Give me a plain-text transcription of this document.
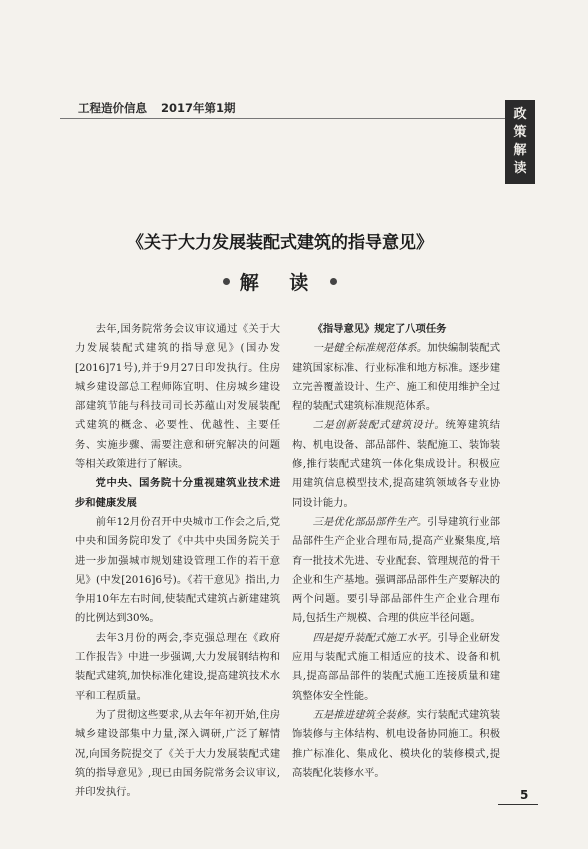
工程造价信息 2017年第1期	政
策
解
读
《关于大力发展装配式建筑的指导意见》
解 读

去年,国务院常务会议审议通过《关于大力发展装配式建筑的指导意见》(国办发[2016]71号),并于9月27日印发执行。住房城乡建设部总工程师陈宜明、住房城乡建设部建筑节能与科技司司长苏蕴山对发展装配式建筑的概念、必要性、优越性、主要任务、实施步骤、需要注意和研究解决的问题等相关政策进行了解读。

党中央、国务院十分重视建筑业技术进步和健康发展

前年12月份召开中央城市工作会之后,党中央和国务院印发了《中共中央国务院关于进一步加强城市规划建设管理工作的若干意见》(中发[2016]6号)。《若干意见》指出,力争用10年左右时间,使装配式建筑占新建建筑的比例达到30%。

去年3月份的两会,李克强总理在《政府工作报告》中进一步强调,大力发展钢结构和装配式建筑,加快标准化建设,提高建筑技术水平和工程质量。

为了贯彻这些要求,从去年年初开始,住房城乡建设部集中力量,深入调研,广泛了解情况,向国务院提交了《关于大力发展装配式建筑的指导意见》,现已由国务院常务会议审议,并印发执行。

《指导意见》规定了八项任务

一是健全标准规范体系。加快编制装配式建筑国家标准、行业标准和地方标准。逐步建立完善覆盖设计、生产、施工和使用维护全过程的装配式建筑标准规范体系。

二是创新装配式建筑设计。统筹建筑结构、机电设备、部品部件、装配施工、装饰装修,推行装配式建筑一体化集成设计。积极应用建筑信息模型技术,提高建筑领域各专业协同设计能力。

三是优化部品部件生产。引导建筑行业部品部件生产企业合理布局,提高产业聚集度,培育一批技术先进、专业配套、管理规范的骨干企业和生产基地。强调部品部件生产要解决的两个问题。要引导部品部件生产企业合理布局,包括生产规模、合理的供应半径问题。

四是提升装配式施工水平。引导企业研发应用与装配式施工相适应的技术、设备和机具,提高部品部件的装配式施工连接质量和建筑整体安全性能。

五是推进建筑全装修。实行装配式建筑装饰装修与主体结构、机电设备协同施工。积极推广标准化、集成化、模块化的装修模式,提高装配化装修水平。

5
